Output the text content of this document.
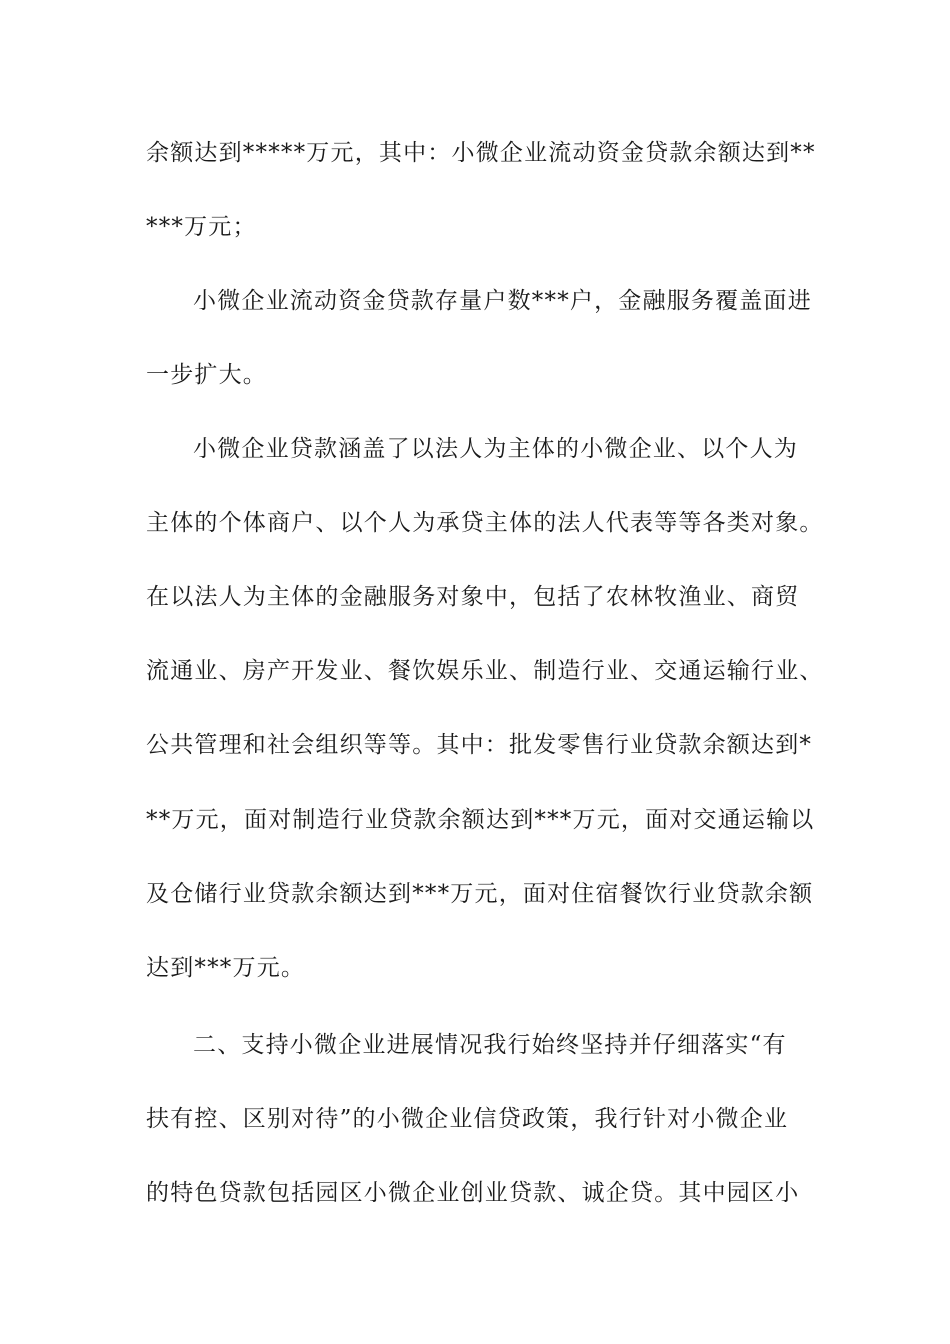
余额达到*****万元，其中：小微企业流动资金贷款余额达到**

***万元；

小微企业流动资金贷款存量户数***户，金融服务覆盖面进

一步扩大。

小微企业贷款涵盖了以法人为主体的小微企业、以个人为

主体的个体商户、以个人为承贷主体的法人代表等等各类对象。

在以法人为主体的金融服务对象中，包括了农林牧渔业、商贸

流通业、房产开发业、餐饮娱乐业、制造行业、交通运输行业、

公共管理和社会组织等等。其中：批发零售行业贷款余额达到*

**万元，面对制造行业贷款余额达到***万元，面对交通运输以

及仓储行业贷款余额达到***万元，面对住宿餐饮行业贷款余额

达到***万元。

二、支持小微企业进展情况我行始终坚持并仔细落实“有

扶有控、区别对待”的小微企业信贷政策，我行针对小微企业

的特色贷款包括园区小微企业创业贷款、诚企贷。其中园区小
